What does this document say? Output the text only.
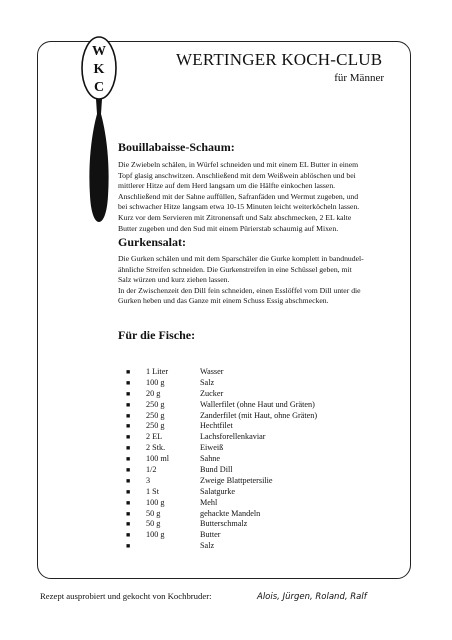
W
K
C
WERTINGER KOCH-CLUB
für Männer
Bouillabaisse-Schaum:
Die Zwiebeln schälen, in Würfel schneiden und mit einem EL Butter in einem
Topf glasig anschwitzen. Anschließend mit dem Weißwein ablöschen und bei
mittlerer Hitze auf dem Herd langsam um die Hälfte einkochen lassen.
Anschließend mit der Sahne auffüllen, Safranfäden und Wermut zugeben, und
bei schwacher Hitze langsam etwa 10-15 Minuten leicht weiterköcheln lassen.
Kurz vor dem Servieren mit Zitronensaft und Salz abschmecken, 2 EL kalte
Butter zugeben und den Sud mit einem Pürierstab schaumig auf Mixen.
Gurkensalat:
Die Gurken schälen und mit dem Sparschäler die Gurke komplett in bandnudel-
ähnliche Streifen schneiden. Die Gurkenstreifen in eine Schüssel geben, mit
Salz würzen und kurz ziehen lassen.
In der Zwischenzeit den Dill fein schneiden, einen Esslöffel vom Dill unter die
Gurken heben und das Ganze mit einem Schuss Essig abschmecken.
Für die Fische:
■ 1 Liter	Wasser
■ 100 g	Salz
■ 20 g	Zucker
■ 250 g	Wallerfilet (ohne Haut und Gräten)
■ 250 g	Zanderfilet (mit Haut, ohne Gräten)
■ 250 g	Hechtfilet
■ 2 EL	Lachsforellenkaviar
■ 2 Stk.	Eiweiß
■ 100 ml	Sahne
■ 1/2	Bund Dill
■ 3	Zweige Blattpetersilie
■ 1 St	Salatgurke
■ 100 g	Mehl
■ 50 g	gehackte Mandeln
■ 50 g	Butterschmalz
■ 100 g	Butter
■	Salz
Rezept ausprobiert und gekocht von Kochbruder:	Alois, Jürgen, Roland, Ralf
